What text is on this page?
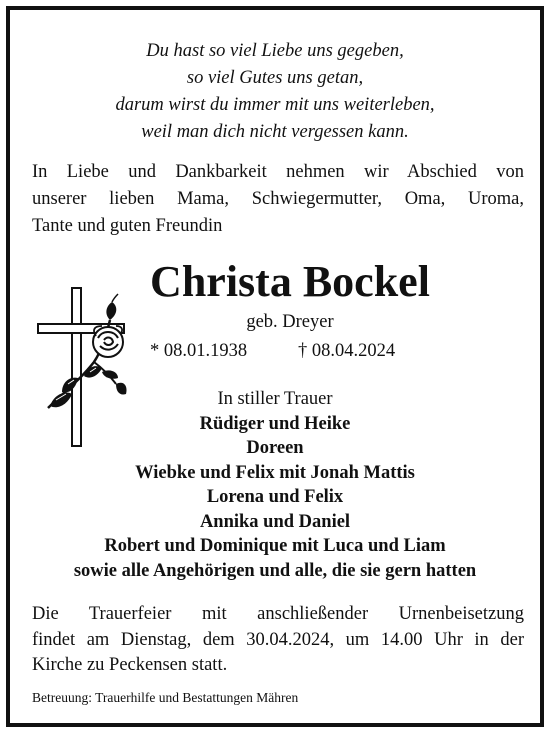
Du hast so viel Liebe uns gegeben,
so viel Gutes uns getan,
darum wirst du immer mit uns weiterleben,
weil man dich nicht vergessen kann.
In Liebe und Dankbarkeit nehmen wir Abschied von
unserer lieben Mama, Schwiegermutter, Oma, Uroma,
Tante und guten Freundin
Christa Bockel
geb. Dreyer
* 08.01.1938	† 08.04.2024
In stiller Trauer
Rüdiger und Heike
Doreen
Wiebke und Felix mit Jonah Mattis
Lorena und Felix
Annika und Daniel
Robert und Dominique mit Luca und Liam
sowie alle Angehörigen und alle, die sie gern hatten
Die Trauerfeier mit anschließender Urnenbeisetzung
findet am Dienstag, dem 30.04.2024, um 14.00 Uhr in der
Kirche zu Peckensen statt.
Betreuung: Trauerhilfe und Bestattungen Mähren
